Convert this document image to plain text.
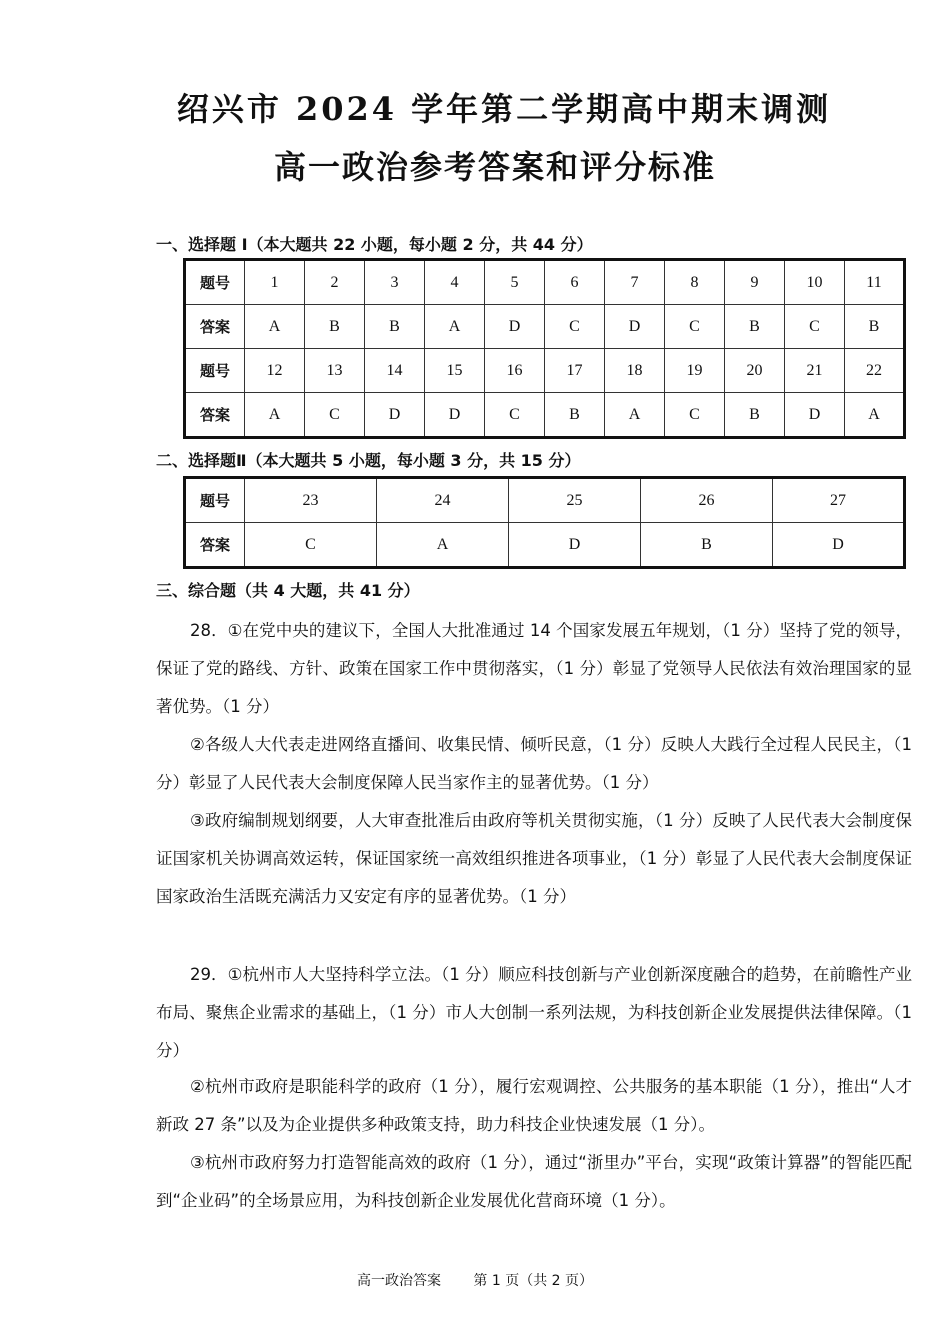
绍兴市 2024 学年第二学期高中期末调测
高一政治参考答案和评分标准
一、选择题 I（本大题共 22 小题，每小题 2 分，共 44 分）
题号	1	2	3	4	5	6	7	8	9	10	11
答案	A	B	B	A	D	C	D	C	B	C	B
题号	12	13	14	15	16	17	18	19	20	21	22
答案	A	C	D	D	C	B	A	C	B	D	A
二、选择题Ⅱ（本大题共 5 小题，每小题 3 分，共 15 分）
题号	23	24	25	26	27
答案	C	A	D	B	D
三、综合题（共 4 大题，共 41 分）
28．①在党中央的建议下，全国人大批准通过 14 个国家发展五年规划，（1 分）坚持了党的领导，保证了党的路线、方针、政策在国家工作中贯彻落实，（1 分）彰显了党领导人民依法有效治理国家的显著优势。（1 分）
②各级人大代表走进网络直播间、收集民情、倾听民意，（1 分）反映人大践行全过程人民民主，（1 分）彰显了人民代表大会制度保障人民当家作主的显著优势。（1 分）
③政府编制规划纲要，人大审查批准后由政府等机关贯彻实施，（1 分）反映了人民代表大会制度保证国家机关协调高效运转，保证国家统一高效组织推进各项事业，（1 分）彰显了人民代表大会制度保证国家政治生活既充满活力又安定有序的显著优势。（1 分）
29．①杭州市人大坚持科学立法。（1 分）顺应科技创新与产业创新深度融合的趋势，在前瞻性产业布局、聚焦企业需求的基础上，（1 分）市人大创制一系列法规，为科技创新企业发展提供法律保障。（1 分）
②杭州市政府是职能科学的政府（1 分），履行宏观调控、公共服务的基本职能（1 分），推出“人才新政 27 条”以及为企业提供多种政策支持，助力科技企业快速发展（1 分）。
③杭州市政府努力打造智能高效的政府（1 分），通过“浙里办”平台，实现“政策计算器”的智能匹配到“企业码”的全场景应用，为科技创新企业发展优化营商环境（1 分）。
高一政治答案 第 1 页（共 2 页）
